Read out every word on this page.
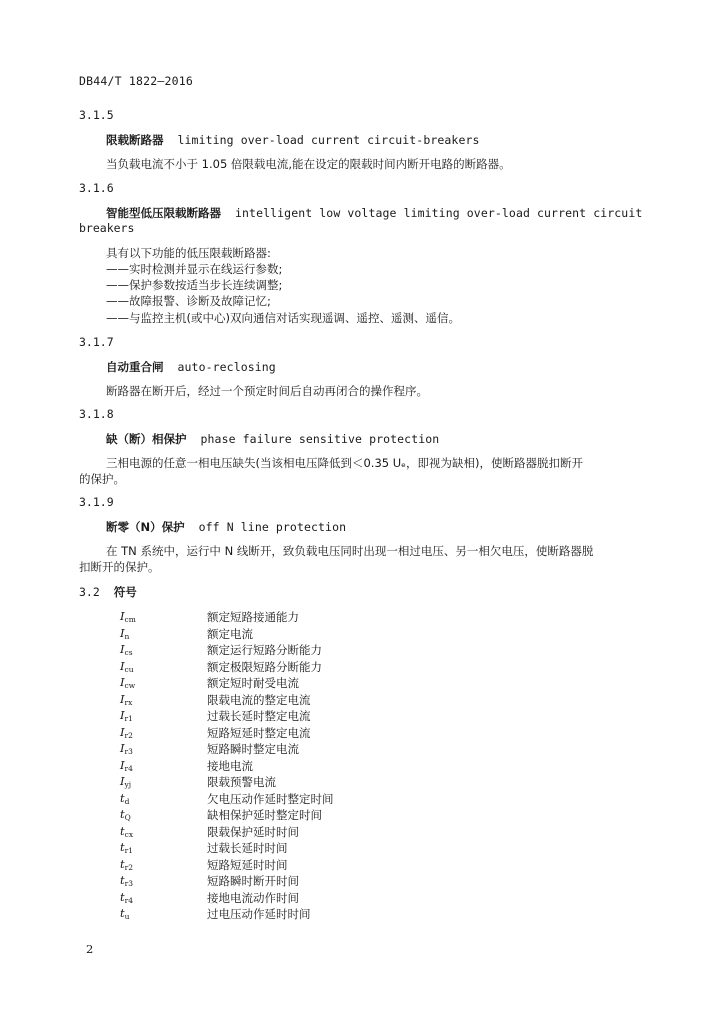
DB44/T 1822—2016
3.1.5
限载断路器 limiting over-load current circuit-breakers
当负载电流不小于 1.05 倍限载电流,能在设定的限载时间内断开电路的断路器。
3.1.6
智能型低压限载断路器 intelligent low voltage limiting over-load current circuit
breakers
具有以下功能的低压限载断路器:
——实时检测并显示在线运行参数;
——保护参数按适当步长连续调整;
——故障报警、诊断及故障记忆;
——与监控主机(或中心)双向通信对话实现遥调、遥控、遥测、遥信。
3.1.7
自动重合闸 auto-reclosing
断路器在断开后，经过一个预定时间后自动再闭合的操作程序。
3.1.8
缺（断）相保护 phase failure sensitive protection
三相电源的任意一相电压缺失(当该相电压降低到＜0.35 Uₑ，即视为缺相)，使断路器脱扣断开
的保护。
3.1.9
断零（N）保护 off N line protection
在 TN 系统中，运行中 N 线断开，致负载电压同时出现一相过电压、另一相欠电压，使断路器脱
扣断开的保护。
3.2 符号
$I_{cm}$	额定短路接通能力
$I_n$	额定电流
$I_{cs}$	额定运行短路分断能力
$I_{cu}$	额定极限短路分断能力
$I_{cw}$	额定短时耐受电流
$I_{rx}$	限载电流的整定电流
$I_{r1}$	过载长延时整定电流
$I_{r2}$	短路短延时整定电流
$I_{r3}$	短路瞬时整定电流
$I_{r4}$	接地电流
$I_{yj}$	限载预警电流
$t_d$	欠电压动作延时整定时间
$t_Q$	缺相保护延时整定时间
$t_{cx}$	限载保护延时时间
$t_{r1}$	过载长延时时间
$t_{r2}$	短路短延时时间
$t_{r3}$	短路瞬时断开时间
$t_{r4}$	接地电流动作时间
$t_u$	过电压动作延时时间
2
